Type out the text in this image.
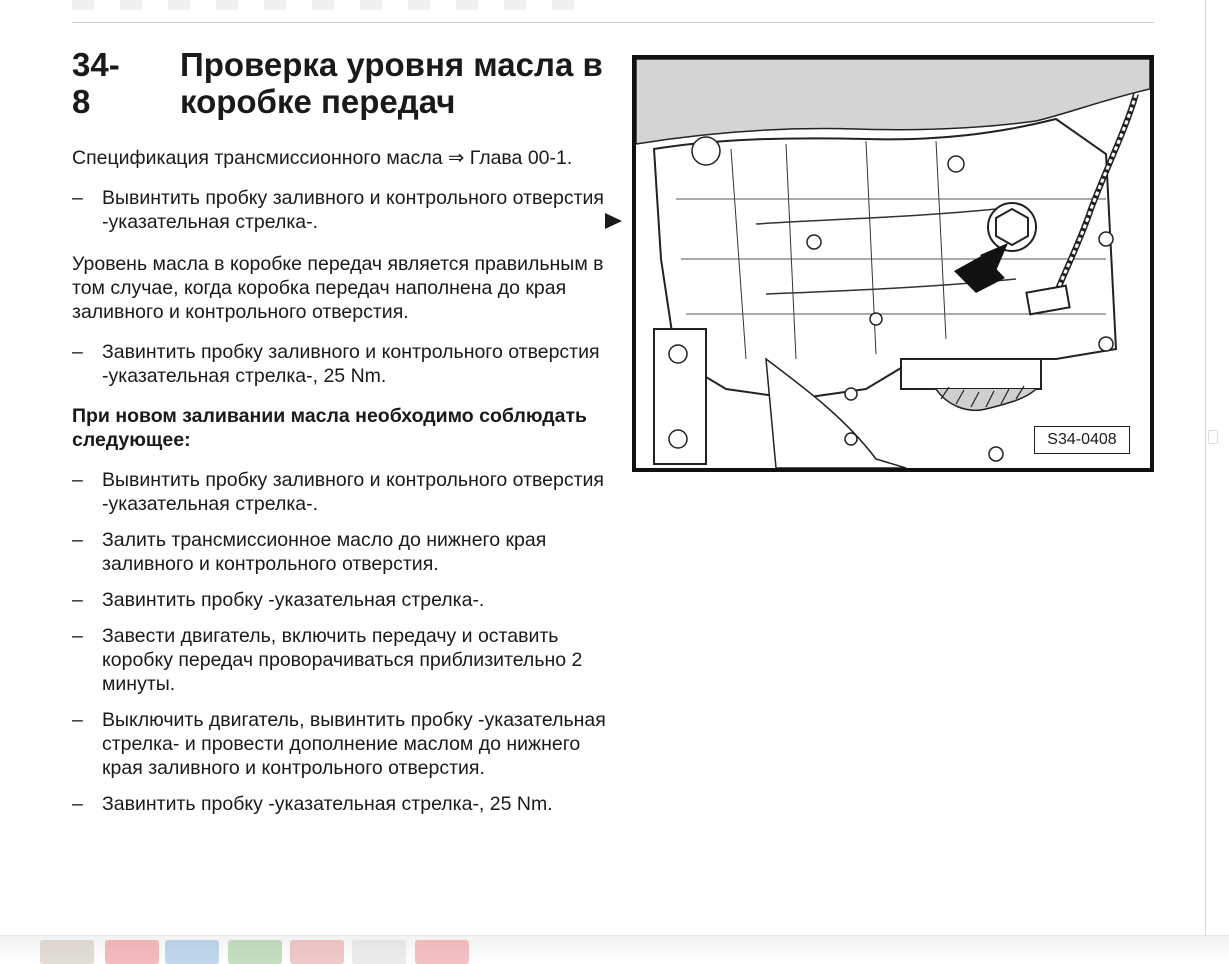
34-8
Проверка уровня масла в коробке передач

Спецификация трансмиссионного масла ⇒ Глава 00-1.

– Вывинтить пробку заливного и контрольного отверстия -указательная стрелка-.

Уровень масла в коробке передач является правильным в том случае, когда коробка передач наполнена до края заливного и контрольного отверстия.

– Завинтить пробку заливного и контрольного отверстия -указательная стрелка-, 25 Nm.

При новом заливании масла необходимо соблюдать следующее:

– Вывинтить пробку заливного и контрольного отверстия -указательная стрелка-.
– Залить трансмиссионное масло до нижнего края заливного и контрольного отверстия.
– Завинтить пробку -указательная стрелка-.
– Завести двигатель, включить передачу и оставить коробку передач проворачиваться приблизительно 2 минуты.
– Выключить двигатель, вывинтить пробку -указательная стрелка- и провести дополнение маслом до нижнего края заливного и контрольного отверстия.
– Завинтить пробку -указательная стрелка-, 25 Nm.
S34-0408
